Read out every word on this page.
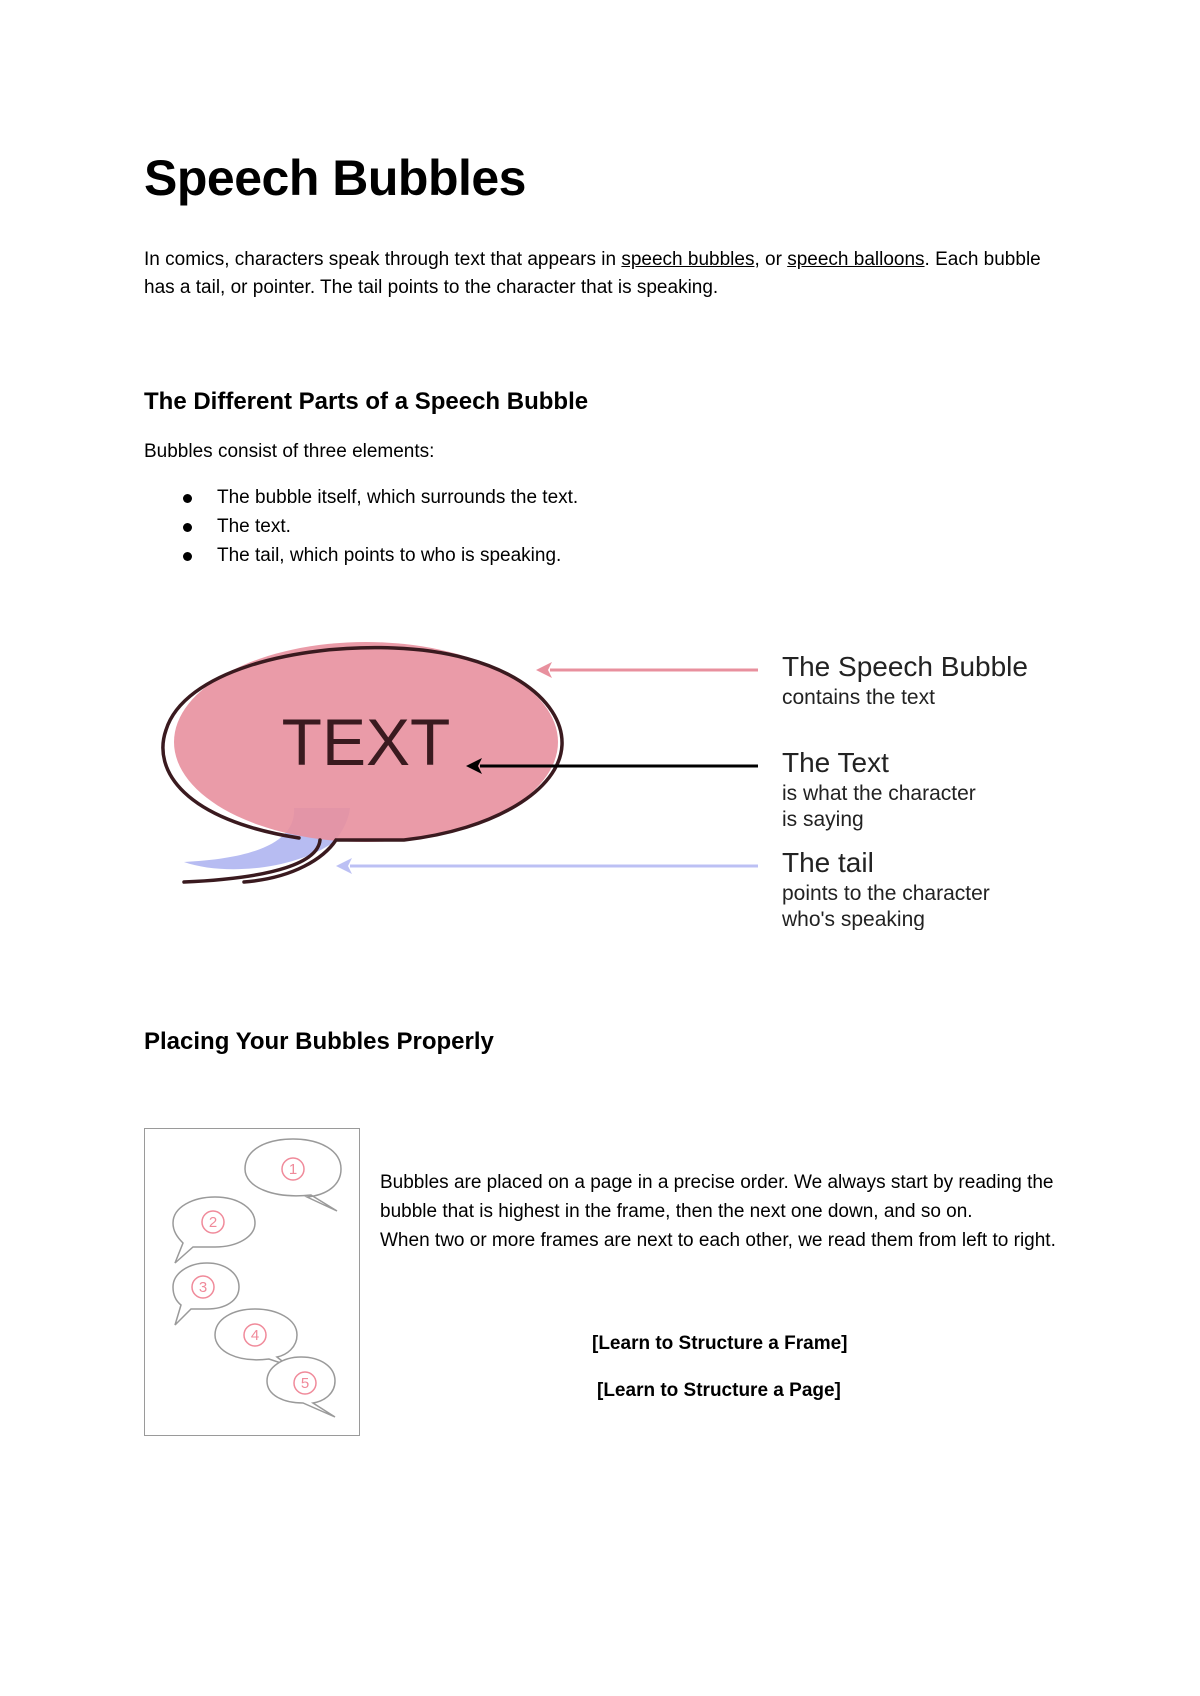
Speech Bubbles
In comics, characters speak through text that appears in speech bubbles, or speech balloons. Each bubble has a tail, or pointer. The tail points to the character that is speaking.
The Different Parts of a Speech Bubble
Bubbles consist of three elements:
The bubble itself, which surrounds the text.
The text.
The tail, which points to who is speaking.
TEXT
The Speech Bubble
contains the text
The Text
is what the character
is saying
The tail
points to the character
who's speaking
Placing Your Bubbles Properly
1
2
3
4
5

Bubbles are placed on a page in a precise order. We always start by reading the bubble that is highest in the frame, then the next one down, and so on.

When two or more frames are next to each other, we read them from left to right.

[Learn to Structure a Frame]
[Learn to Structure a Page]
